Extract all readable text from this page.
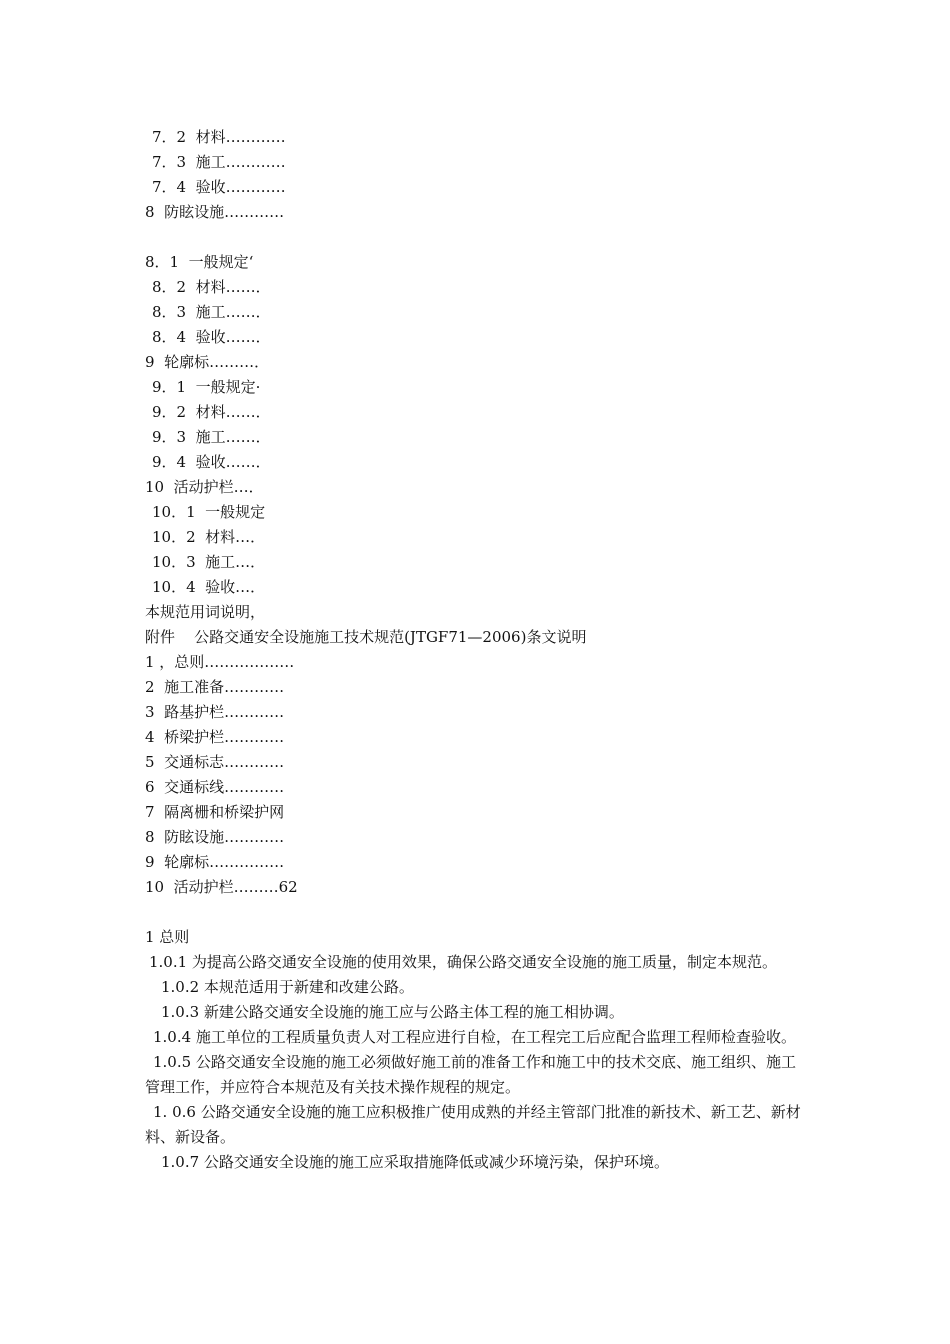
7．2  材料…………
7．3  施工…………
7．4  验收…………
8  防眩设施…………
8．1  一般规定‘
8．2  材料……．
8．3  施工……．
8．4  验收……．
9  轮廓标………．
9．1  一般规定·
9．2  材料……．
9．3  施工……．
9．4  验收……．
10  活动护栏…．
10．1  一般规定
10．2  材料…．
10．3  施工…．
10．4  验收…．
本规范用词说明，
附件    公路交通安全设施施工技术规范(JTGF71—2006)条文说明
1 ，总则………………
2  施工准备…………
3  路基护栏…………
4  桥梁护栏…………
5  交通标志…………
6  交通标线…………
7  隔离栅和桥梁护网
8  防眩设施…………
9  轮廓标……………
10  活动护栏………62
1 总则
1.0.1 为提高公路交通安全设施的使用效果，确保公路交通安全设施的施工质量，制定本规范。
1.0.2 本规范适用于新建和改建公路。
1.0.3 新建公路交通安全设施的施工应与公路主体工程的施工相协调。
1.0.4 施工单位的工程质量负责人对工程应进行自检，在工程完工后应配合监理工程师检查验收。
1.0.5 公路交通安全设施的施工必须做好施工前的准备工作和施工中的技术交底、施工组织、施工管理工作，并应符合本规范及有关技术操作规程的规定。
1. 0.6 公路交通安全设施的施工应积极推广使用成熟的并经主管部门批准的新技术、新工艺、新材料、新设备。
1.0.7 公路交通安全设施的施工应采取措施降低或减少环境污染，保护环境。
